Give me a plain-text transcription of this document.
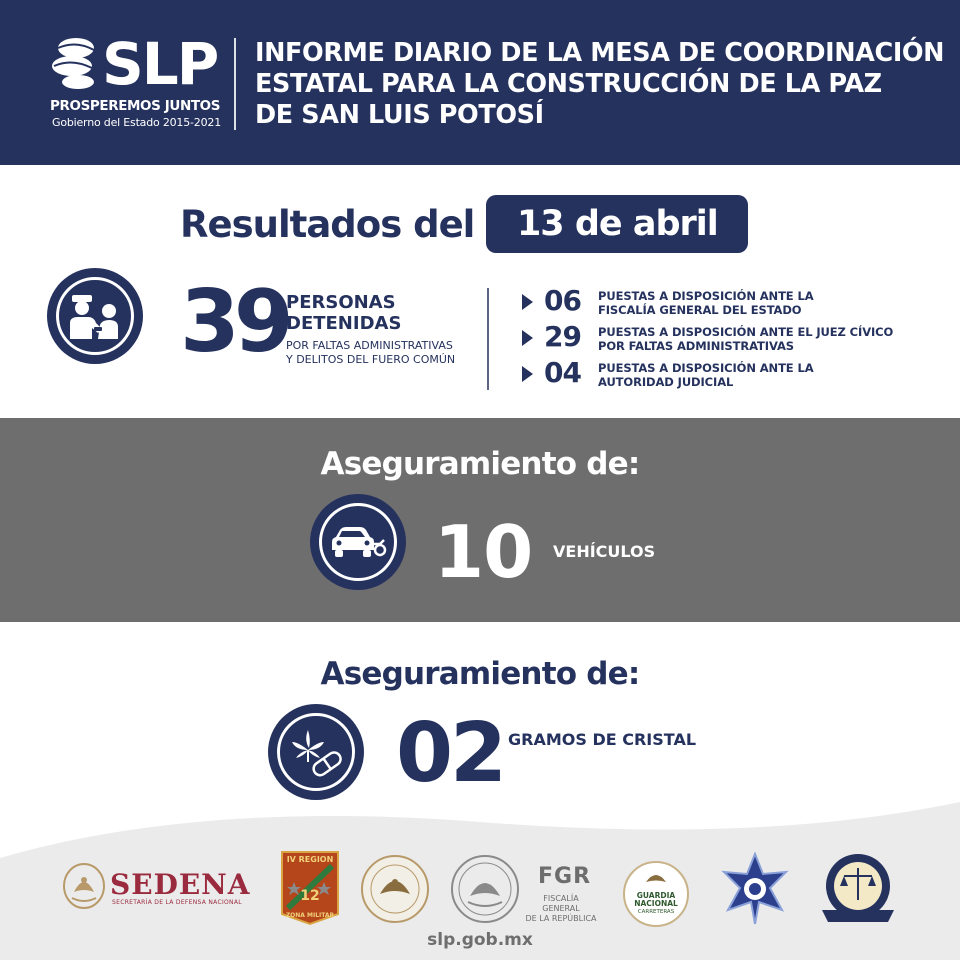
SLP
PROSPEREMOS JUNTOS
Gobierno del Estado 2015-2021
INFORME DIARIO DE LA MESA DE COORDINACIÓN
ESTATAL PARA LA CONSTRUCCIÓN DE LA PAZ
DE SAN LUIS POTOSÍ
Resultados del	13 de abril
39
PERSONAS
DETENIDAS
POR FALTAS ADMINISTRATIVAS
Y DELITOS DEL FUERO COMÚN
06 PUESTAS A DISPOSICIÓN ANTE LA
FISCALÍA GENERAL DEL ESTADO
29 PUESTAS A DISPOSICIÓN ANTE EL JUEZ CÍVICO
POR FALTAS ADMINISTRATIVAS
04 PUESTAS A DISPOSICIÓN ANTE LA
AUTORIDAD JUDICIAL
Aseguramiento de:
10 VEHÍCULOS
Aseguramiento de:
02 GRAMOS DE CRISTAL
SEDENA
SECRETARÍA DE LA DEFENSA NACIONAL
IV REGION
12
ZONA MILITAR
FGR
FISCALÍA GENERAL
DE LA REPÚBLICA
GUARDIA
NACIONAL
CARRETERAS
slp.gob.mx
